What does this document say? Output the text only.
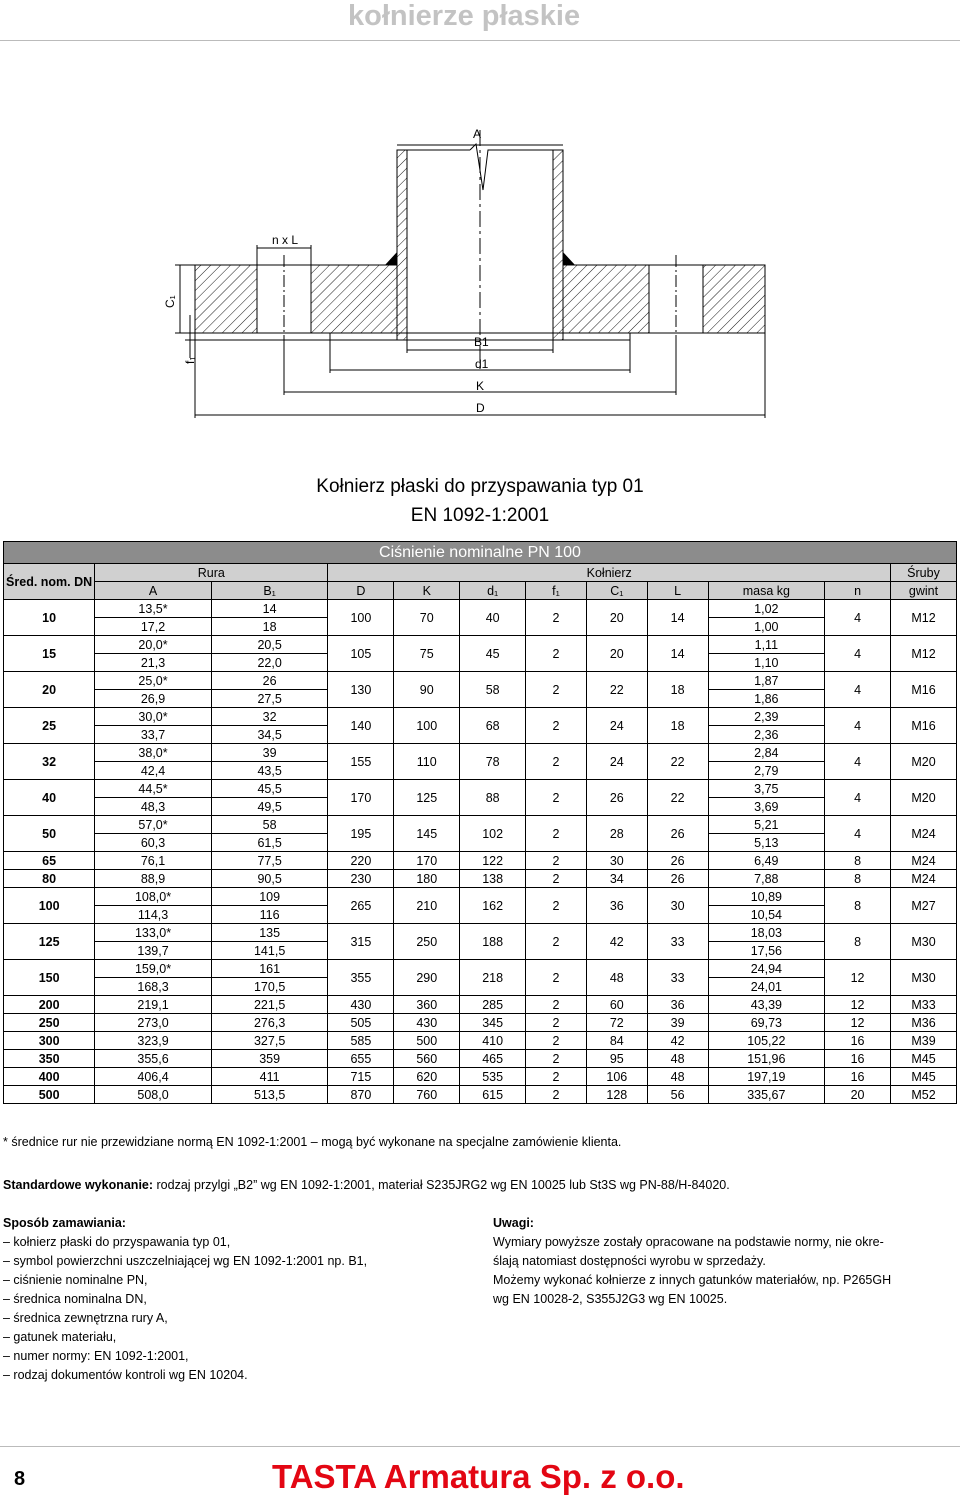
kołnierze płaskie
A
n x L
C₁
f₁
B1
d1
K
D
Kołnierz płaski do przyspawania typ 01
EN 1092-1:2001
Ciśnienie nominalne PN 100											
Śred. nom. DN	Rura		Kołnierz								Śruby
	A	B₁	D	K	d₁	f₁	C₁	L	masa kg	n	gwint
10	13,5*	14	100	70	40	2	20	14	1,02	4	M12
	17,2	18							1,00		
15	20,0*	20,5	105	75	45	2	20	14	1,11	4	M12
	21,3	22,0							1,10		
20	25,0*	26	130	90	58	2	22	18	1,87	4	M16
	26,9	27,5							1,86		
25	30,0*	32	140	100	68	2	24	18	2,39	4	M16
	33,7	34,5							2,36		
32	38,0*	39	155	110	78	2	24	22	2,84	4	M20
	42,4	43,5							2,79		
40	44,5*	45,5	170	125	88	2	26	22	3,75	4	M20
	48,3	49,5							3,69		
50	57,0*	58	195	145	102	2	28	26	5,21	4	M24
	60,3	61,5							5,13		
65	76,1	77,5	220	170	122	2	30	26	6,49	8	M24
80	88,9	90,5	230	180	138	2	34	26	7,88	8	M24
100	108,0*	109	265	210	162	2	36	30	10,89	8	M27
	114,3	116							10,54		
125	133,0*	135	315	250	188	2	42	33	18,03	8	M30
	139,7	141,5							17,56		
150	159,0*	161	355	290	218	2	48	33	24,94	12	M30
	168,3	170,5							24,01		
200	219,1	221,5	430	360	285	2	60	36	43,39	12	M33
250	273,0	276,3	505	430	345	2	72	39	69,73	12	M36
300	323,9	327,5	585	500	410	2	84	42	105,22	16	M39
350	355,6	359	655	560	465	2	95	48	151,96	16	M45
400	406,4	411	715	620	535	2	106	48	197,19	16	M45
500	508,0	513,5	870	760	615	2	128	56	335,67	20	M52
* średnice rur nie przewidziane normą EN 1092-1:2001 – mogą być wykonane na specjalne zamówienie klienta.
Standardowe wykonanie: rodzaj przylgi „B2” wg EN 1092-1:2001, materiał S235JRG2 wg EN 10025 lub St3S wg PN-88/H-84020.
Sposób zamawiania:
– kołnierz płaski do przyspawania typ 01,
– symbol powierzchni uszczelniającej wg EN 1092-1:2001 np. B1,
– ciśnienie nominalne PN,
– średnica nominalna DN,
– średnica zewnętrzna rury A,
– gatunek materiału,
– numer normy: EN 1092-1:2001,
– rodzaj dokumentów kontroli wg EN 10204.
Uwagi:
Wymiary powyższe zostały opracowane na podstawie normy, nie okre-
ślają natomiast dostępności wyrobu w sprzedaży.
Możemy wykonać kołnierze z innych gatunków materiałów, np. P265GH
wg EN 10028-2, S355J2G3 wg EN 10025.
8	TASTA Armatura Sp. z o.o.
